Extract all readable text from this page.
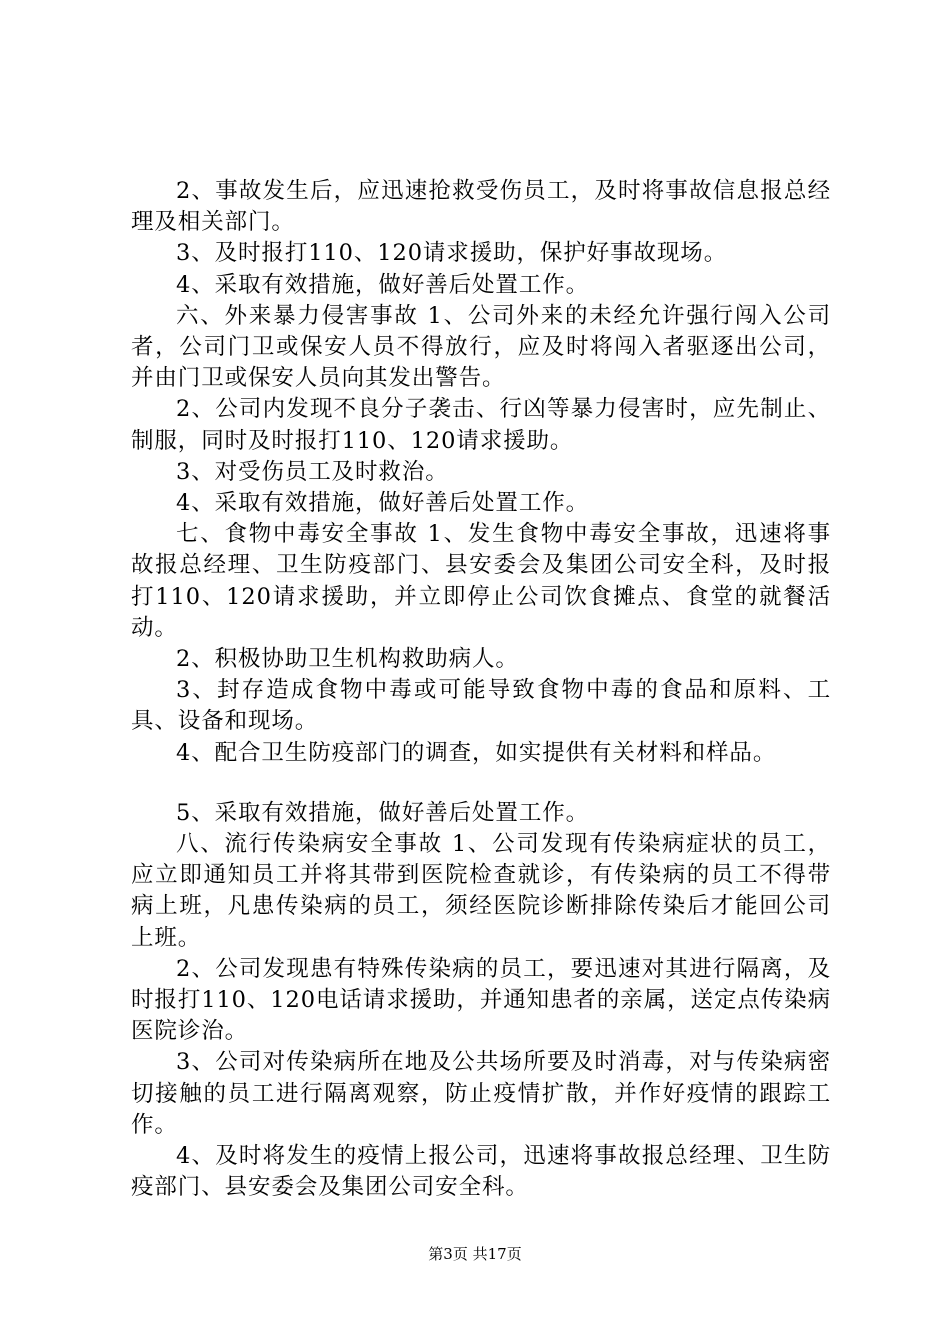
2、事故发生后，应迅速抢救受伤员工，及时将事故信息报总经理及相关部门。

3、及时报打110、120请求援助，保护好事故现场。

4、采取有效措施，做好善后处置工作。

六、外来暴力侵害事故 1、公司外来的未经允许强行闯入公司者，公司门卫或保安人员不得放行，应及时将闯入者驱逐出公司，并由门卫或保安人员向其发出警告。

2、公司内发现不良分子袭击、行凶等暴力侵害时，应先制止、制服，同时及时报打110、120请求援助。

3、对受伤员工及时救治。

4、采取有效措施，做好善后处置工作。

七、食物中毒安全事故 1、发生食物中毒安全事故，迅速将事故报总经理、卫生防疫部门、县安委会及集团公司安全科，及时报打110、120请求援助，并立即停止公司饮食摊点、食堂的就餐活动。

2、积极协助卫生机构救助病人。

3、封存造成食物中毒或可能导致食物中毒的食品和原料、工具、设备和现场。

4、配合卫生防疫部门的调查，如实提供有关材料和样品。

5、采取有效措施，做好善后处置工作。

八、流行传染病安全事故 1、公司发现有传染病症状的员工，应立即通知员工并将其带到医院检查就诊，有传染病的员工不得带病上班，凡患传染病的员工，须经医院诊断排除传染后才能回公司上班。

2、公司发现患有特殊传染病的员工，要迅速对其进行隔离，及时报打110、120电话请求援助，并通知患者的亲属，送定点传染病医院诊治。

3、公司对传染病所在地及公共场所要及时消毒，对与传染病密切接触的员工进行隔离观察，防止疫情扩散，并作好疫情的跟踪工作。

4、及时将发生的疫情上报公司，迅速将事故报总经理、卫生防疫部门、县安委会及集团公司安全科。

第3页 共17页
